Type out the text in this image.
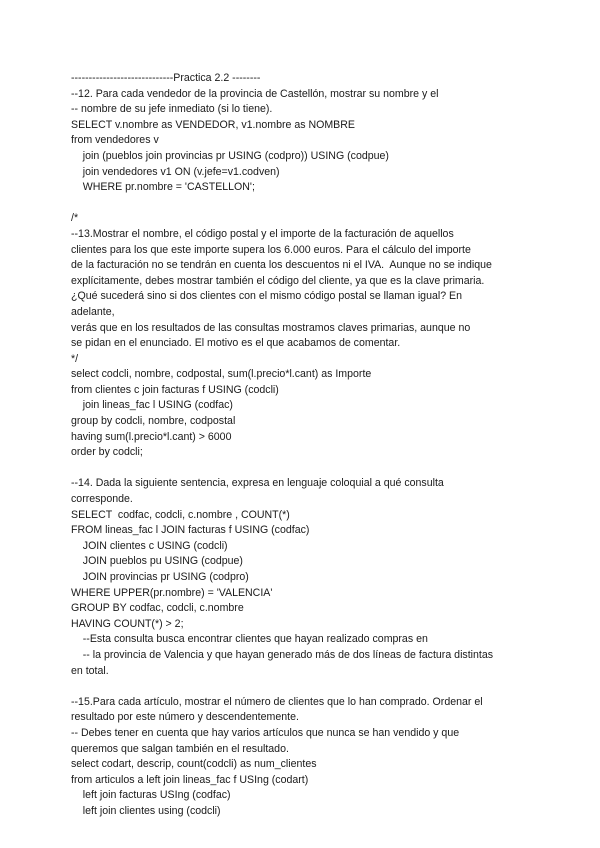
-----------------------------Practica 2.2 --------
--12. Para cada vendedor de la provincia de Castellón, mostrar su nombre y el
-- nombre de su jefe inmediato (si lo tiene).
SELECT v.nombre as VENDEDOR, v1.nombre as NOMBRE
from vendedores v
join (pueblos join provincias pr USING (codpro)) USING (codpue)
join vendedores v1 ON (v.jefe=v1.codven)
WHERE pr.nombre = 'CASTELLON';
/*
--13.Mostrar el nombre, el código postal y el importe de la facturación de aquellos
clientes para los que este importe supera los 6.000 euros. Para el cálculo del importe
de la facturación no se tendrán en cuenta los descuentos ni el IVA.  Aunque no se indique
explícitamente, debes mostrar también el código del cliente, ya que es la clave primaria.
¿Qué sucederá sino si dos clientes con el mismo código postal se llaman igual? En
adelante,
verás que en los resultados de las consultas mostramos claves primarias, aunque no
se pidan en el enunciado. El motivo es el que acabamos de comentar.
*/
select codcli, nombre, codpostal, sum(l.precio*l.cant) as Importe
from clientes c join facturas f USING (codcli)
join lineas_fac l USING (codfac)
group by codcli, nombre, codpostal
having sum(l.precio*l.cant) > 6000
order by codcli;
--14. Dada la siguiente sentencia, expresa en lenguaje coloquial a qué consulta
corresponde.
SELECT  codfac, codcli, c.nombre , COUNT(*)
FROM lineas_fac l JOIN facturas f USING (codfac)
JOIN clientes c USING (codcli)
JOIN pueblos pu USING (codpue)
JOIN provincias pr USING (codpro)
WHERE UPPER(pr.nombre) = 'VALENCIA'
GROUP BY codfac, codcli, c.nombre
HAVING COUNT(*) > 2;
--Esta consulta busca encontrar clientes que hayan realizado compras en
-- la provincia de Valencia y que hayan generado más de dos líneas de factura distintas
en total.
--15.Para cada artículo, mostrar el número de clientes que lo han comprado. Ordenar el
resultado por este número y descendentemente.
-- Debes tener en cuenta que hay varios artículos que nunca se han vendido y que
queremos que salgan también en el resultado.
select codart, descrip, count(codcli) as num_clientes
from articulos a left join lineas_fac f USIng (codart)
left join facturas USIng (codfac)
left join clientes using (codcli)
